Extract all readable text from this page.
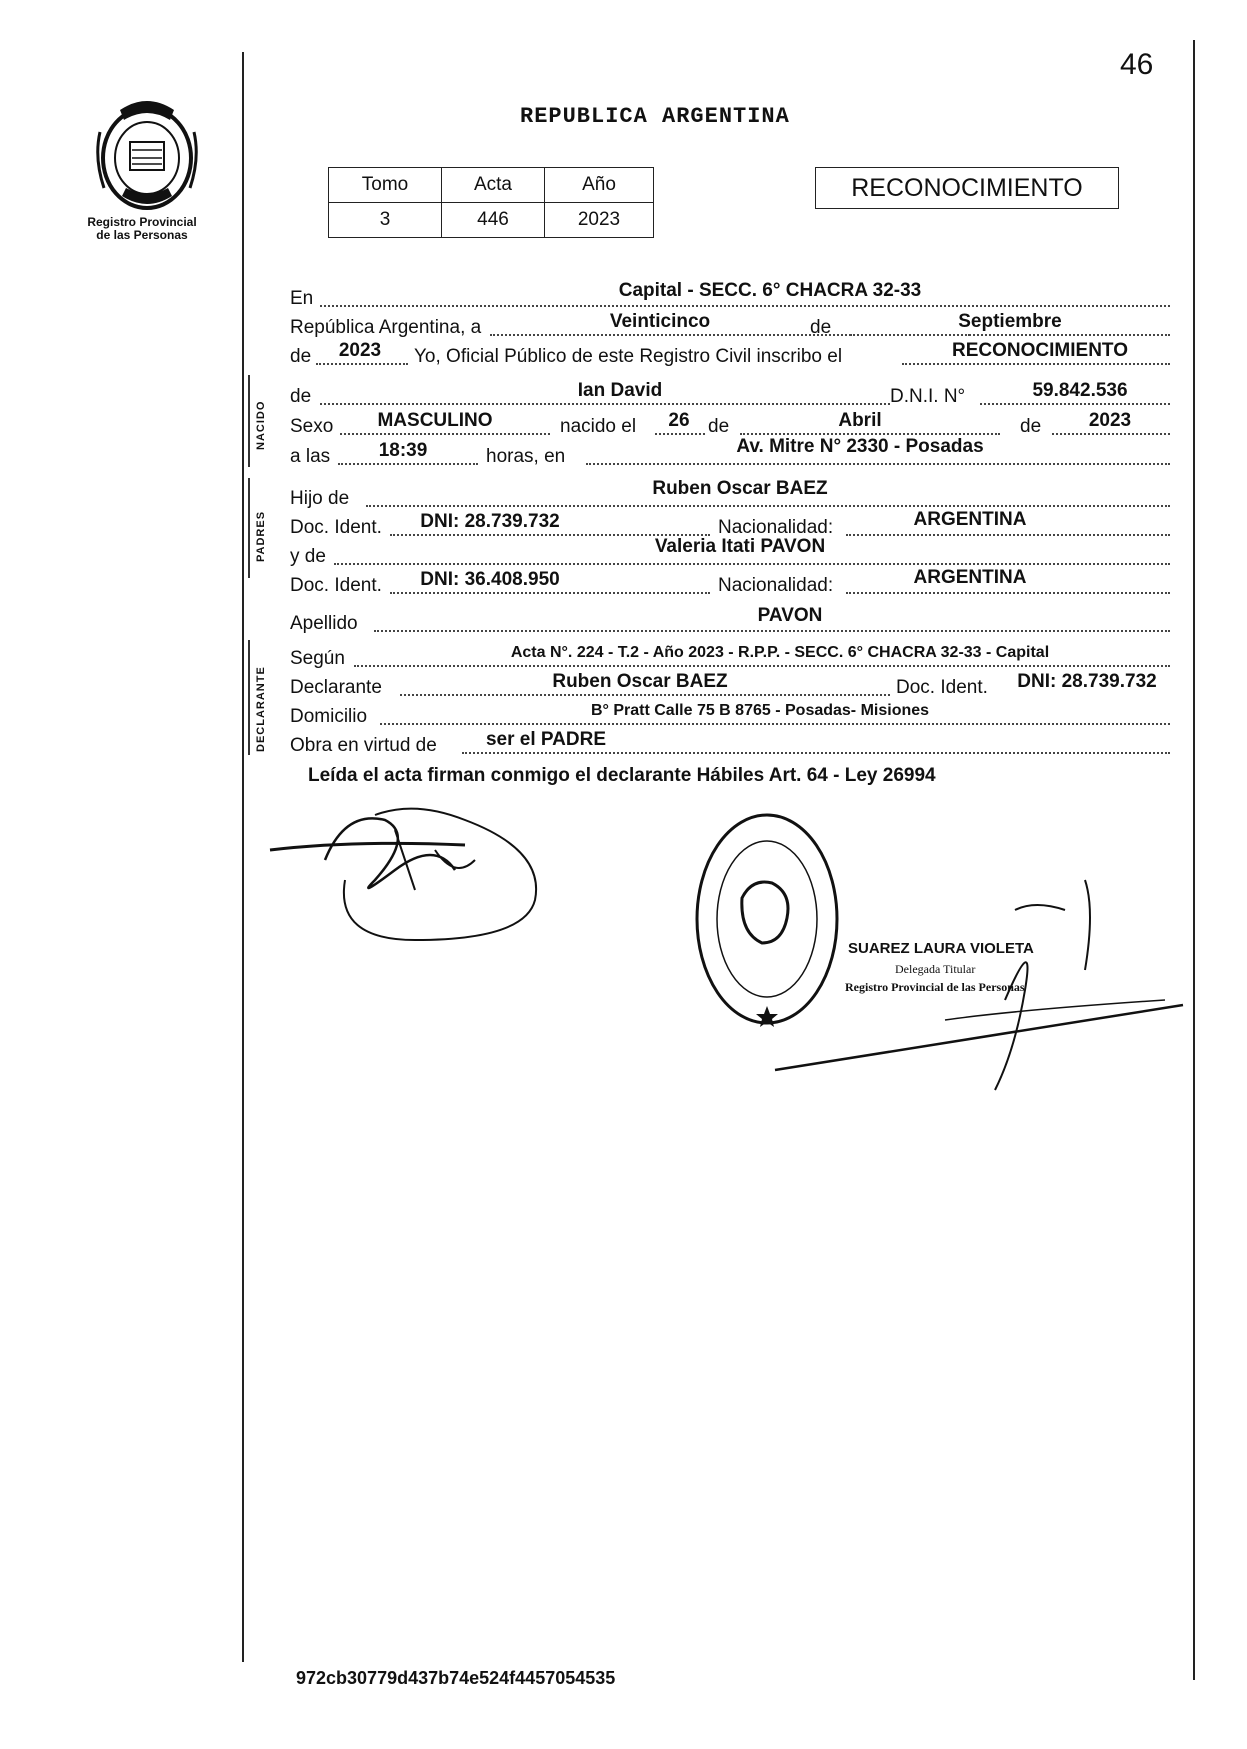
46
Registro Provincial
de las Personas
REPUBLICA ARGENTINA
Tomo	Acta	Año
3	446	2023
RECONOCIMIENTO
En	Capital - SECC. 6° CHACRA 32-33
República Argentina, a	Veinticinco	de	Septiembre
de	2023	Yo, Oficial Público de este Registro Civil inscribo el	RECONOCIMIENTO
NACIDO
de	Ian David	D.N.I. N°	59.842.536
Sexo	MASCULINO	nacido el	26 de	Abril	de	2023
a las	18:39	horas, en	Av. Mitre N° 2330 - Posadas
PADRES
Hijo de	Ruben Oscar BAEZ
Doc. Ident.	DNI: 28.739.732	Nacionalidad:	ARGENTINA
y de	Valeria Itati PAVON
Doc. Ident.	DNI: 36.408.950	Nacionalidad:	ARGENTINA
Apellido	PAVON
DECLARANTE
Según	Acta N°. 224 - T.2 - Año 2023 - R.P.P. - SECC. 6° CHACRA 32-33 - Capital
Declarante	Ruben Oscar BAEZ	Doc. Ident.	DNI: 28.739.732
Domicilio	B° Pratt Calle 75 B 8765 - Posadas- Misiones
Obra en virtud de	ser el PADRE
Leída el acta firman conmigo el declarante Hábiles Art. 64 - Ley 26994
SUAREZ LAURA VIOLETA
Delegada Titular
Registro Provincial de las Personas
972cb30779d437b74e524f4457054535
